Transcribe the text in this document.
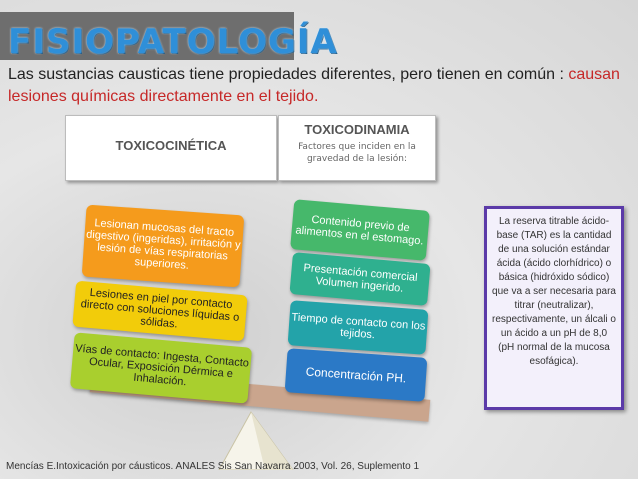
FISIOPATOLOGÍA
Las sustancias causticas tiene propiedades diferentes, pero tienen en común : causan lesiones químicas directamente en el tejido.
TOXICOCINÉTICA
TOXICODINAMIA
Factores que inciden en la gravedad de la lesión:
Lesionan mucosas del tracto digestivo (ingeridas), irritación y lesión de vías respiratorias superiores.
Lesiones en piel por contacto directo con soluciones líquidas o sólidas.
Vías de contacto: Ingesta, Contacto Ocular, Exposición Dérmica e Inhalación.
Contenido previo de alimentos en el estomago.
Presentación comercial Volumen ingerido.
Tiempo de contacto con los tejidos.
Concentración PH.
La reserva titrable ácido-base (TAR) es la cantidad de una solución estándar ácida (ácido clorhídrico) o básica (hidróxido sódico) que va a ser necesaria para titrar (neutralizar), respectivamente, un álcali o un ácido a un pH de 8,0 (pH normal de la mucosa esofágica).
Mencías E.Intoxicación por cáusticos. ANALES Sis San Navarra 2003, Vol. 26, Suplemento 1
